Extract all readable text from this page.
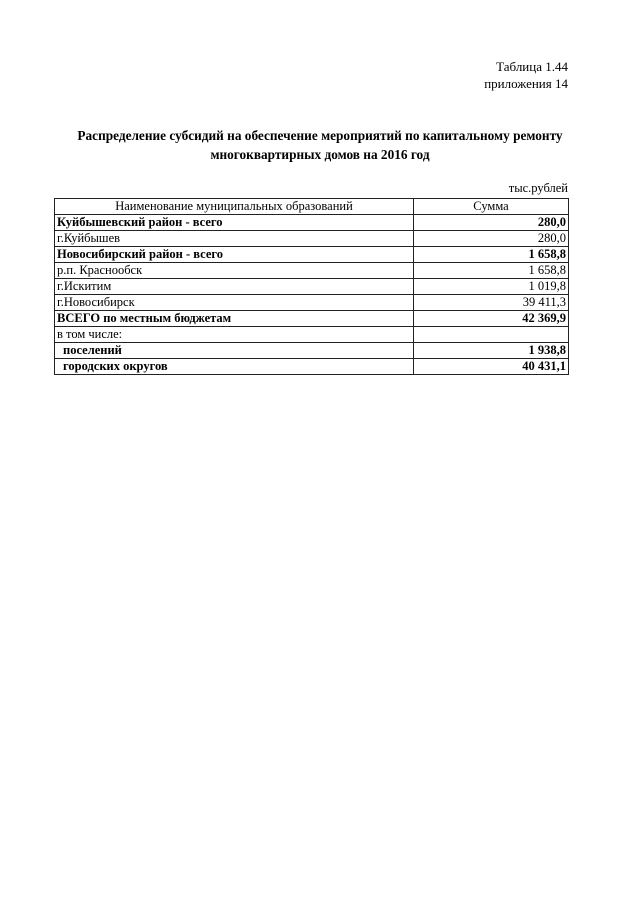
Таблица 1.44
приложения 14
Распределение субсидий на обеспечение мероприятий по капитальному ремонту
многоквартирных домов на 2016 год
тыс.рублей
Наименование муниципальных образований	Сумма
Куйбышевский район - всего	280,0
г.Куйбышев	280,0
Новосибирский район - всего	1 658,8
р.п. Краснообск	1 658,8
г.Искитим	1 019,8
г.Новосибирск	39 411,3
ВСЕГО по местным бюджетам	42 369,9
в том числе:	
поселений	1 938,8
городских округов	40 431,1
